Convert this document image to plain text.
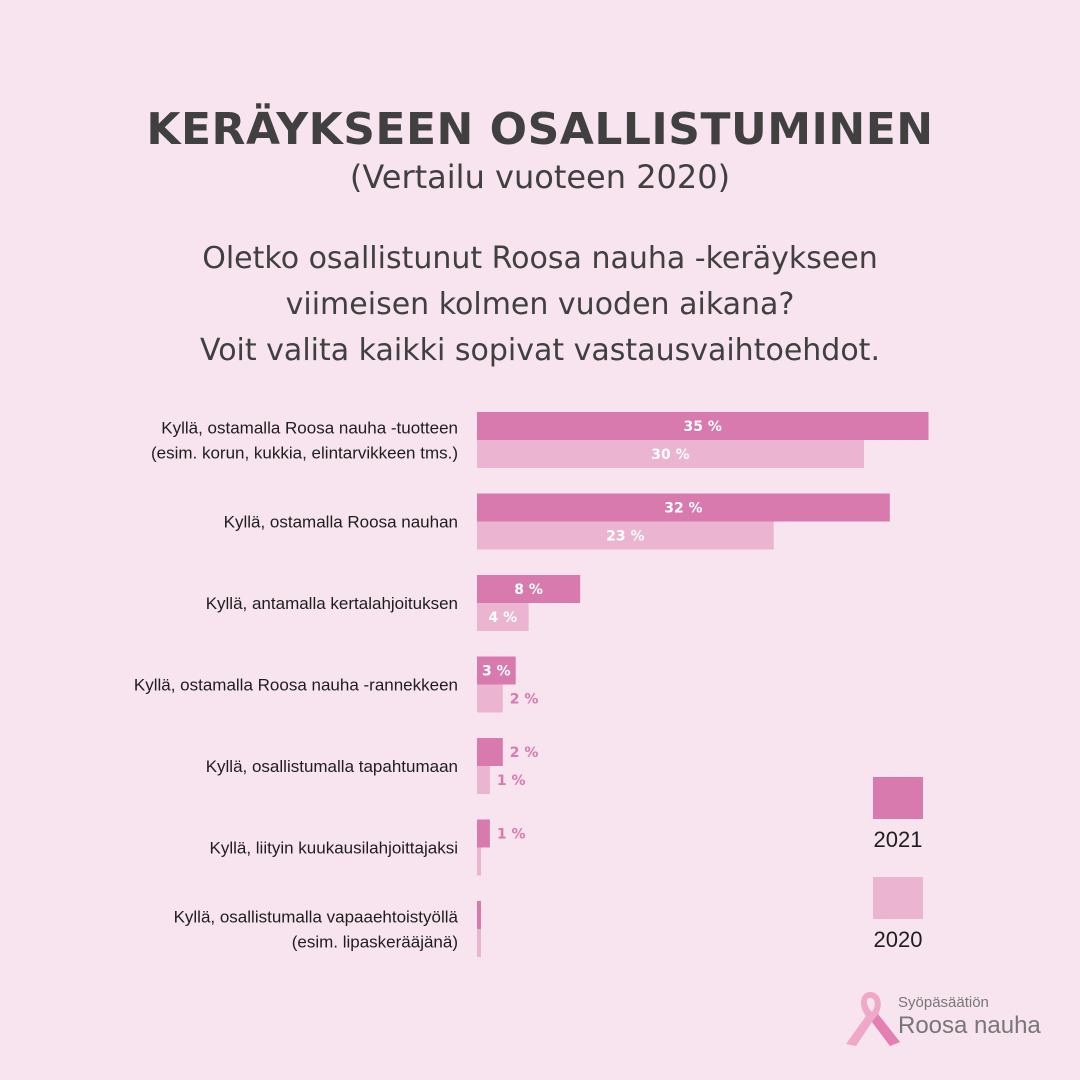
KERÄYKSEEN OSALLISTUMINEN
(Vertailu vuoteen 2020)
Oletko osallistunut Roosa nauha -keräykseen
viimeisen kolmen vuoden aikana?
Voit valita kaikki sopivat vastausvaihtoehdot.
Kyllä, ostamalla Roosa nauha -tuotteen (esim. korun, kukkia, elintarvikkeen tms.)
35 %
30 %
Kyllä, ostamalla Roosa nauhan
32 %
23 %
Kyllä, antamalla kertalahjoituksen
8 %
4 %
Kyllä, ostamalla Roosa nauha -rannekkeen
3 %
2 %
Kyllä, osallistumalla tapahtumaan
2 %
1 %
Kyllä, liityin kuukausilahjoittajaksi
1 %
Kyllä, osallistumalla vapaaehtoistyöllä (esim. lipaskerääjänä)
2021
2020
Syöpäsäätiön
Roosa nauha
